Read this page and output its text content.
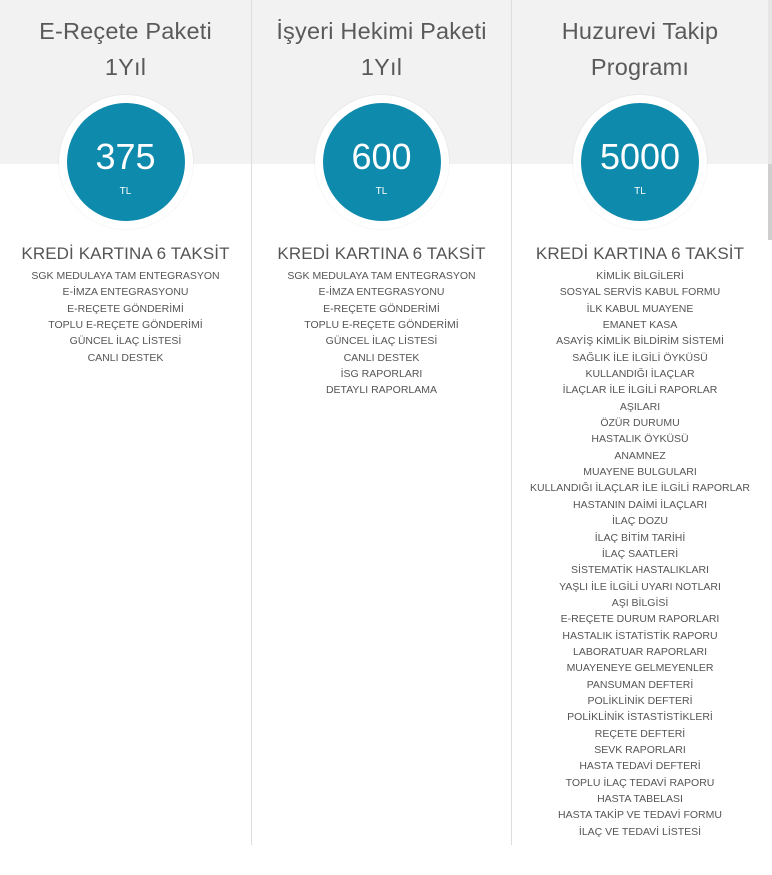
E-Reçete Paketi
1Yıl
375
TL
KREDİ KARTINA 6 TAKSİT
SGK MEDULAYA TAM ENTEGRASYON
E-İMZA ENTEGRASYONU
E-REÇETE GÖNDERİMİ
TOPLU E-REÇETE GÖNDERİMİ
GÜNCEL İLAÇ LİSTESİ
CANLI DESTEK
İşyeri Hekimi Paketi
1Yıl
600
TL
KREDİ KARTINA 6 TAKSİT
SGK MEDULAYA TAM ENTEGRASYON
E-İMZA ENTEGRASYONU
E-REÇETE GÖNDERİMİ
TOPLU E-REÇETE GÖNDERİMİ
GÜNCEL İLAÇ LİSTESİ
CANLI DESTEK
İSG RAPORLARI
DETAYLI RAPORLAMA
Huzurevi Takip
Programı
5000
TL
KREDİ KARTINA 6 TAKSİT
KİMLİK BİLGİLERİ
SOSYAL SERVİS KABUL FORMU
İLK KABUL MUAYENE
EMANET KASA
ASAYİŞ KİMLİK BİLDİRİM SİSTEMİ
SAĞLIK İLE İLGİLİ ÖYKÜSÜ
KULLANDIĞI İLAÇLAR
İLAÇLAR İLE İLGİLİ RAPORLAR
AŞILARI
ÖZÜR DURUMU
HASTALIK ÖYKÜSÜ
ANAMNEZ
MUAYENE BULGULARI
KULLANDIĞI İLAÇLAR İLE İLGİLİ RAPORLAR
HASTANIN DAİMİ İLAÇLARI
İLAÇ DOZU
İLAÇ BİTİM TARİHİ
İLAÇ SAATLERİ
SİSTEMATİK HASTALIKLARI
YAŞLI İLE İLGİLİ UYARI NOTLARI
AŞI BİLGİSİ
E-REÇETE DURUM RAPORLARI
HASTALIK İSTATİSTİK RAPORU
LABORATUAR RAPORLARI
MUAYENEYE GELMEYENLER
PANSUMAN DEFTERİ
POLİKLİNİK DEFTERİ
POLİKLİNİK İSTASTİSTİKLERİ
REÇETE DEFTERİ
SEVK RAPORLARI
HASTA TEDAVİ DEFTERİ
TOPLU İLAÇ TEDAVİ RAPORU
HASTA TABELASI
HASTA TAKİP VE TEDAVİ FORMU
İLAÇ VE TEDAVİ LİSTESİ
